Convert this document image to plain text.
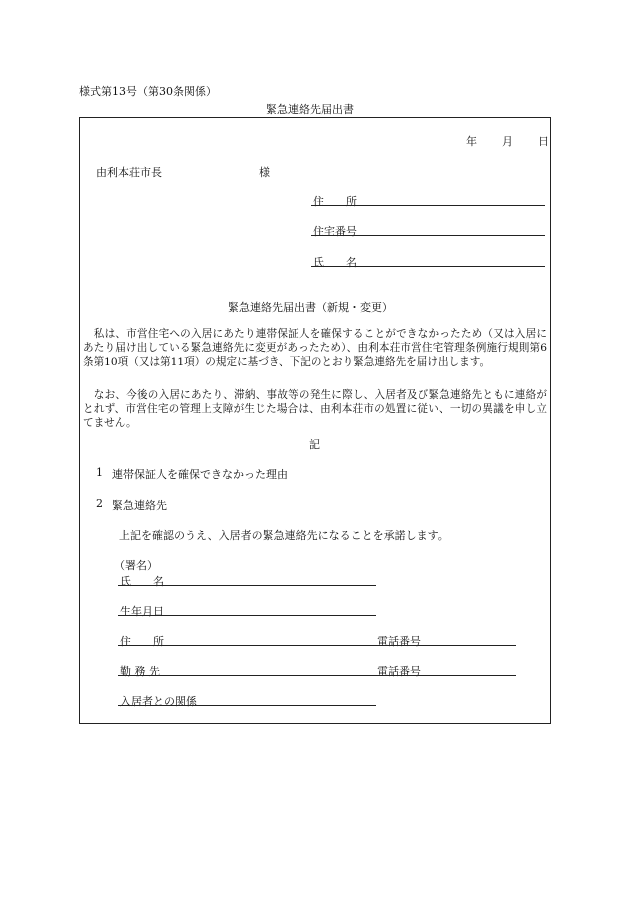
様式第13号（第30条関係）
緊急連絡先届出書
年 月 日
由利本荘市長	様
住　　所
住宅番号
氏　　名
緊急連絡先届出書（新規・変更）
　私は、市営住宅への入居にあたり連帯保証人を確保することができなかったため（又は入居にあたり届け出している緊急連絡先に変更があったため）、由利本荘市営住宅管理条例施行規則第6条第10項（又は第11項）の規定に基づき、下記のとおり緊急連絡先を届け出します。
　なお、今後の入居にあたり、滞納、事故等の発生に際し、入居者及び緊急連絡先ともに連絡がとれず、市営住宅の管理上支障が生じた場合は、由利本荘市の処置に従い、一切の異議を申し立てません。
記
1 連帯保証人を確保できなかった理由
2 緊急連絡先
上記を確認のうえ、入居者の緊急連絡先になることを承諾します。
（署名）
氏　　名
生年月日
住　　所	電話番号
勤 務 先	電話番号
入居者との関係
